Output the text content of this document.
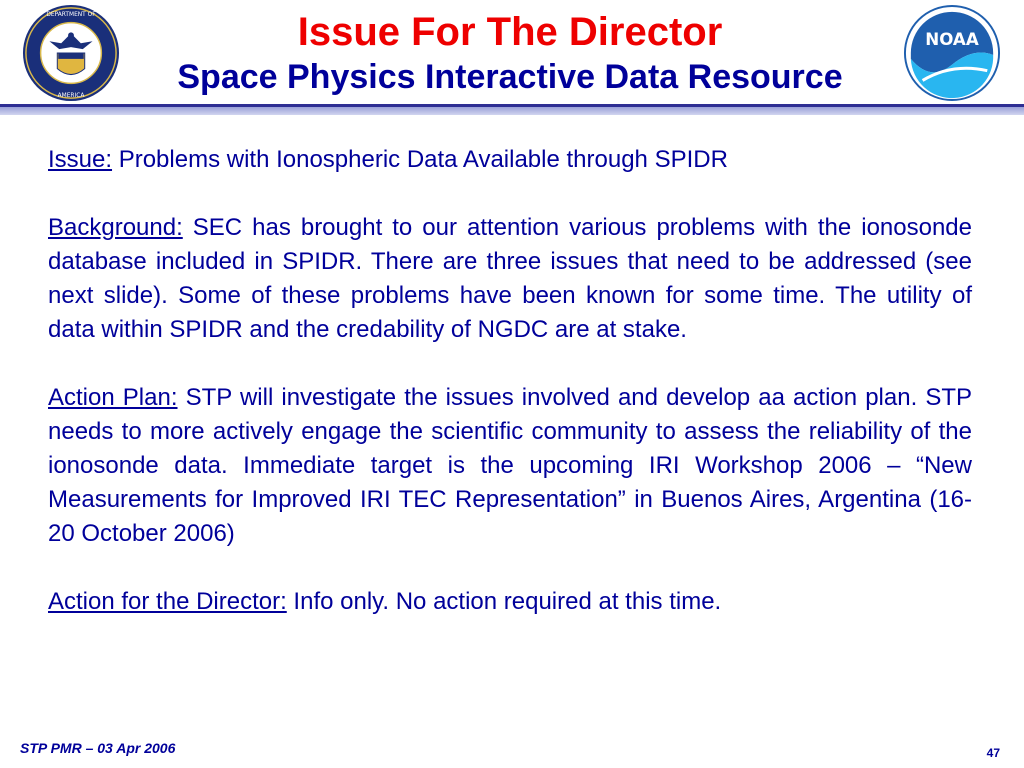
DEPARTMENT OF
AMERICA
NOAA
Issue For The Director
Space Physics Interactive Data Resource

Issue: Problems with Ionospheric Data Available through SPIDR

Background: SEC has brought to our attention various problems with the ionosonde database included in SPIDR. There are three issues that need to be addressed (see next slide). Some of these problems have been known for some time. The utility of data within SPIDR and the credability of NGDC are at stake.

Action Plan: STP will investigate the issues involved and develop aa action plan. STP needs to more actively engage the scientific community to assess the reliability of the ionosonde data. Immediate target is the upcoming IRI Workshop 2006 – “New Measurements for Improved IRI TEC Representation” in Buenos Aires, Argentina (16-20 October 2006)

Action for the Director: Info only. No action required at this time.

STP PMR – 03 Apr 2006	47
